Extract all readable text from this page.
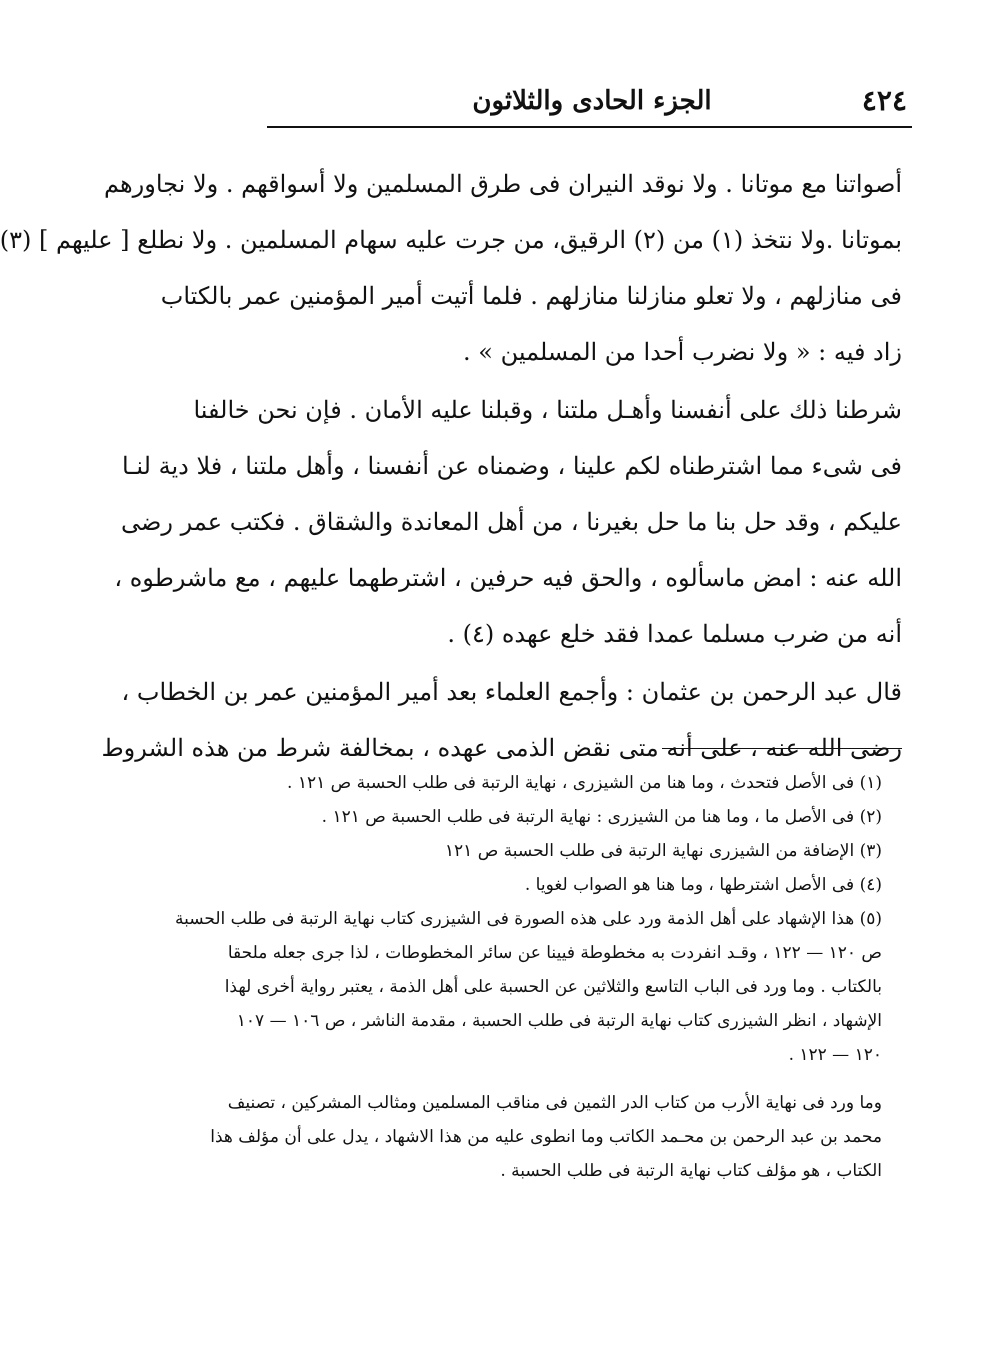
٤٢٤
الجزء الحادى والثلاثون
أصواتنا مع موتانا . ولا نوقد النيران فى طرق المسلمين ولا أسواقهم . ولا نجاورهم
بموتانا .ولا نتخذ (١) من (٢) الرقيق، من جرت عليه سهام المسلمين . ولا نطلع [ عليهم ] (٣)
فى منازلهم ، ولا تعلو منازلنا منازلهم . فلما أتيت أمير المؤمنين عمر بالكتاب
زاد فيه : « ولا نضرب أحدا من المسلمين » .
شرطنا ذلك على أنفسنا وأهـل ملتنا ، وقبلنا عليه الأمان . فإن نحن خالفنا
فى شىء مما اشترطناه لكم علينا ، وضمناه عن أنفسنا ، وأهل ملتنا ، فلا دية لنـا
عليكم ، وقد حل بنا ما حل بغيرنا ، من أهل المعاندة والشقاق . فكتب عمر رضى
الله عنه : امض ماسألوه ، والحق فيه حرفين ، اشترطهما عليهم ، مع ماشرطوه ،
أنه من ضرب مسلما عمدا فقد خلع عهده (٤) .
قال عبد الرحمن بن عثمان : وأجمع العلماء بعد أمير المؤمنين عمر بن الخطاب ،
رضى الله عنه ، على أنه متى نقض الذمى عهده ، بمخالفة شرط من هذه الشروط
(١) فى الأصل فتحدث ، وما هنا من الشيزرى ، نهاية الرتبة فى طلب الحسبة ص ١٢١ .
(٢) فى الأصل ما ، وما هنا من الشيزرى : نهاية الرتبة فى طلب الحسبة ص ١٢١ .
(٣) الإضافة من الشيزرى نهاية الرتبة فى طلب الحسبة ص ١٢١
(٤) فى الأصل اشترطها ، وما هنا هو الصواب لغويا .
(٥) هذا الإشهاد على أهل الذمة ورد على هذه الصورة فى الشيزرى كتاب نهاية الرتبة فى طلب الحسبة
ص ١٢٠ — ١٢٢ ، وقـد انفردت به مخطوطة فيينا عن سائر المخطوطات ، لذا جرى جعله ملحقا
بالكتاب . وما ورد فى الباب التاسع والثلاثين عن الحسبة على أهل الذمة ، يعتبر رواية أخرى لهذا
الإشهاد ، انظر الشيزرى كتاب نهاية الرتبة فى طلب الحسبة ، مقدمة الناشر ، ص ١٠٦ — ١٠٧
١٢٠ — ١٢٢ .
وما ورد فى نهاية الأرب من كتاب الدر الثمين فى مناقب المسلمين ومثالب المشركين ، تصنيف
محمد بن عبد الرحمن بن محـمد الكاتب وما انطوى عليه من هذا الاشهاد ، يدل على أن مؤلف هذا
الكتاب ، هو مؤلف كتاب نهاية الرتبة فى طلب الحسبة .
